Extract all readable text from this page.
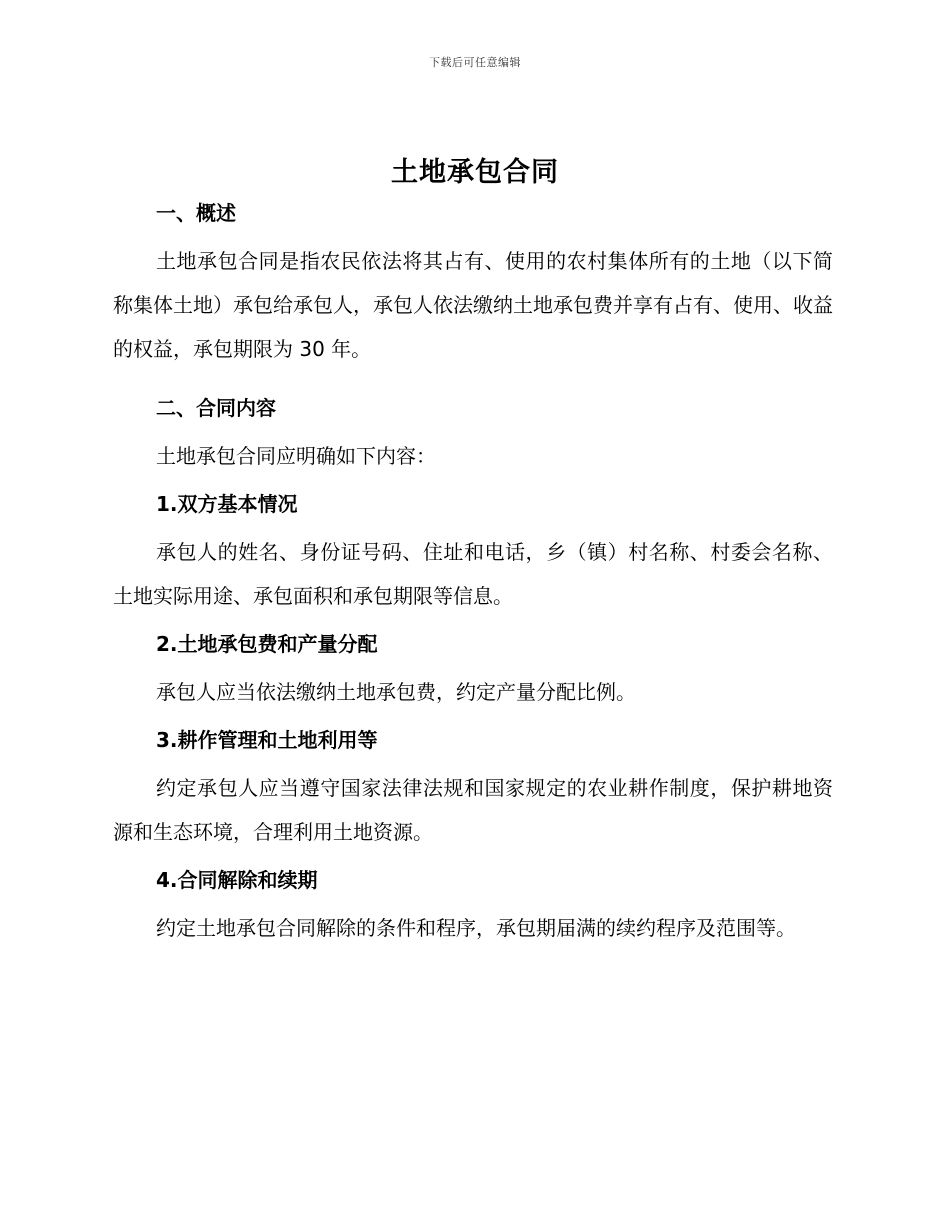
下载后可任意编辑
土地承包合同

一、概述

土地承包合同是指农民依法将其占有、使用的农村集体所有的土地（以下简称集体土地）承包给承包人，承包人依法缴纳土地承包费并享有占有、使用、收益的权益，承包期限为 30 年。

二、合同内容

土地承包合同应明确如下内容：

1.双方基本情况

承包人的姓名、身份证号码、住址和电话，乡（镇）村名称、村委会名称、土地实际用途、承包面积和承包期限等信息。

2.土地承包费和产量分配

承包人应当依法缴纳土地承包费，约定产量分配比例。

3.耕作管理和土地利用等

约定承包人应当遵守国家法律法规和国家规定的农业耕作制度，保护耕地资源和生态环境，合理利用土地资源。

4.合同解除和续期

约定土地承包合同解除的条件和程序，承包期届满的续约程序及范围等。
